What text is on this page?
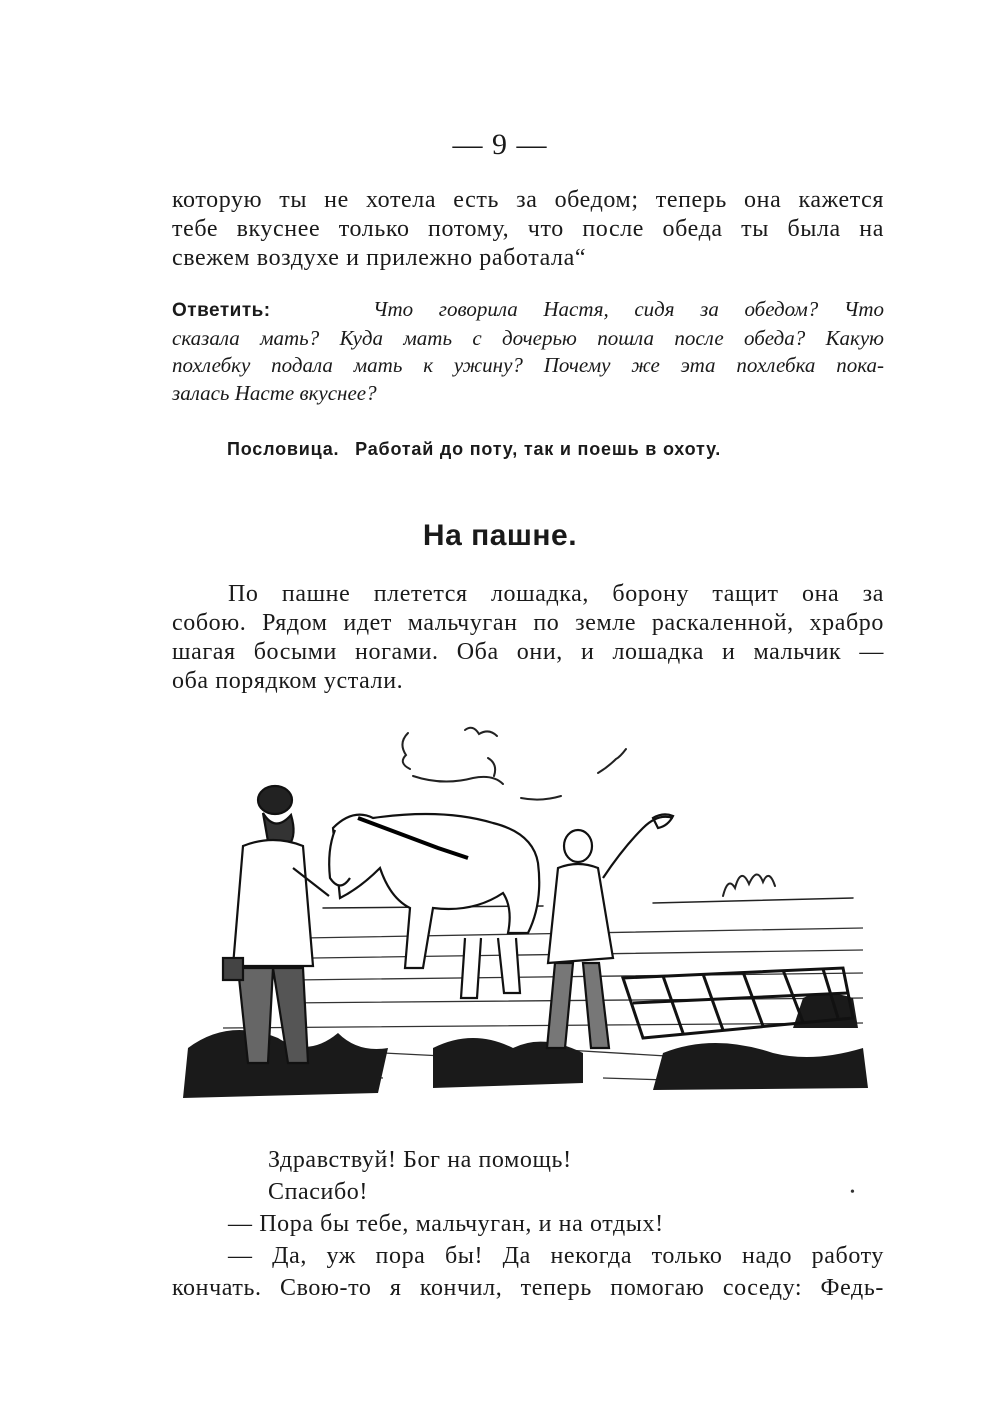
— 9 —
которую ты не хотела есть за обедом; теперь она кажется
тебе вкуснее только потому, что после обеда ты была на
свежем воздухе и прилежно работала“
Ответить:	Что говорила Настя, сидя за обедом? Что
сказала мать? Куда мать с дочерью пошла после обеда? Какую
похлебку подала мать к ужину? Почему же эта похлебка пока-
залась Насте вкуснее?
Пословица. Работай до поту, так и поешь в охоту.
На пашне.
По пашне плетется лошадка, борону тащит она за
собою. Рядом идет мальчуган по земле раскаленной, храбро
шагая босыми ногами. Оба они, и лошадка и мальчик —
оба порядком устали.
•
Здравствуй! Бог на помощь!
Спасибо!
— Пора бы тебе, мальчуган, и на отдых!
— Да, уж пора бы! Да некогда только надо работу
кончать. Свою-то я кончил, теперь помогаю соседу: Федь-
